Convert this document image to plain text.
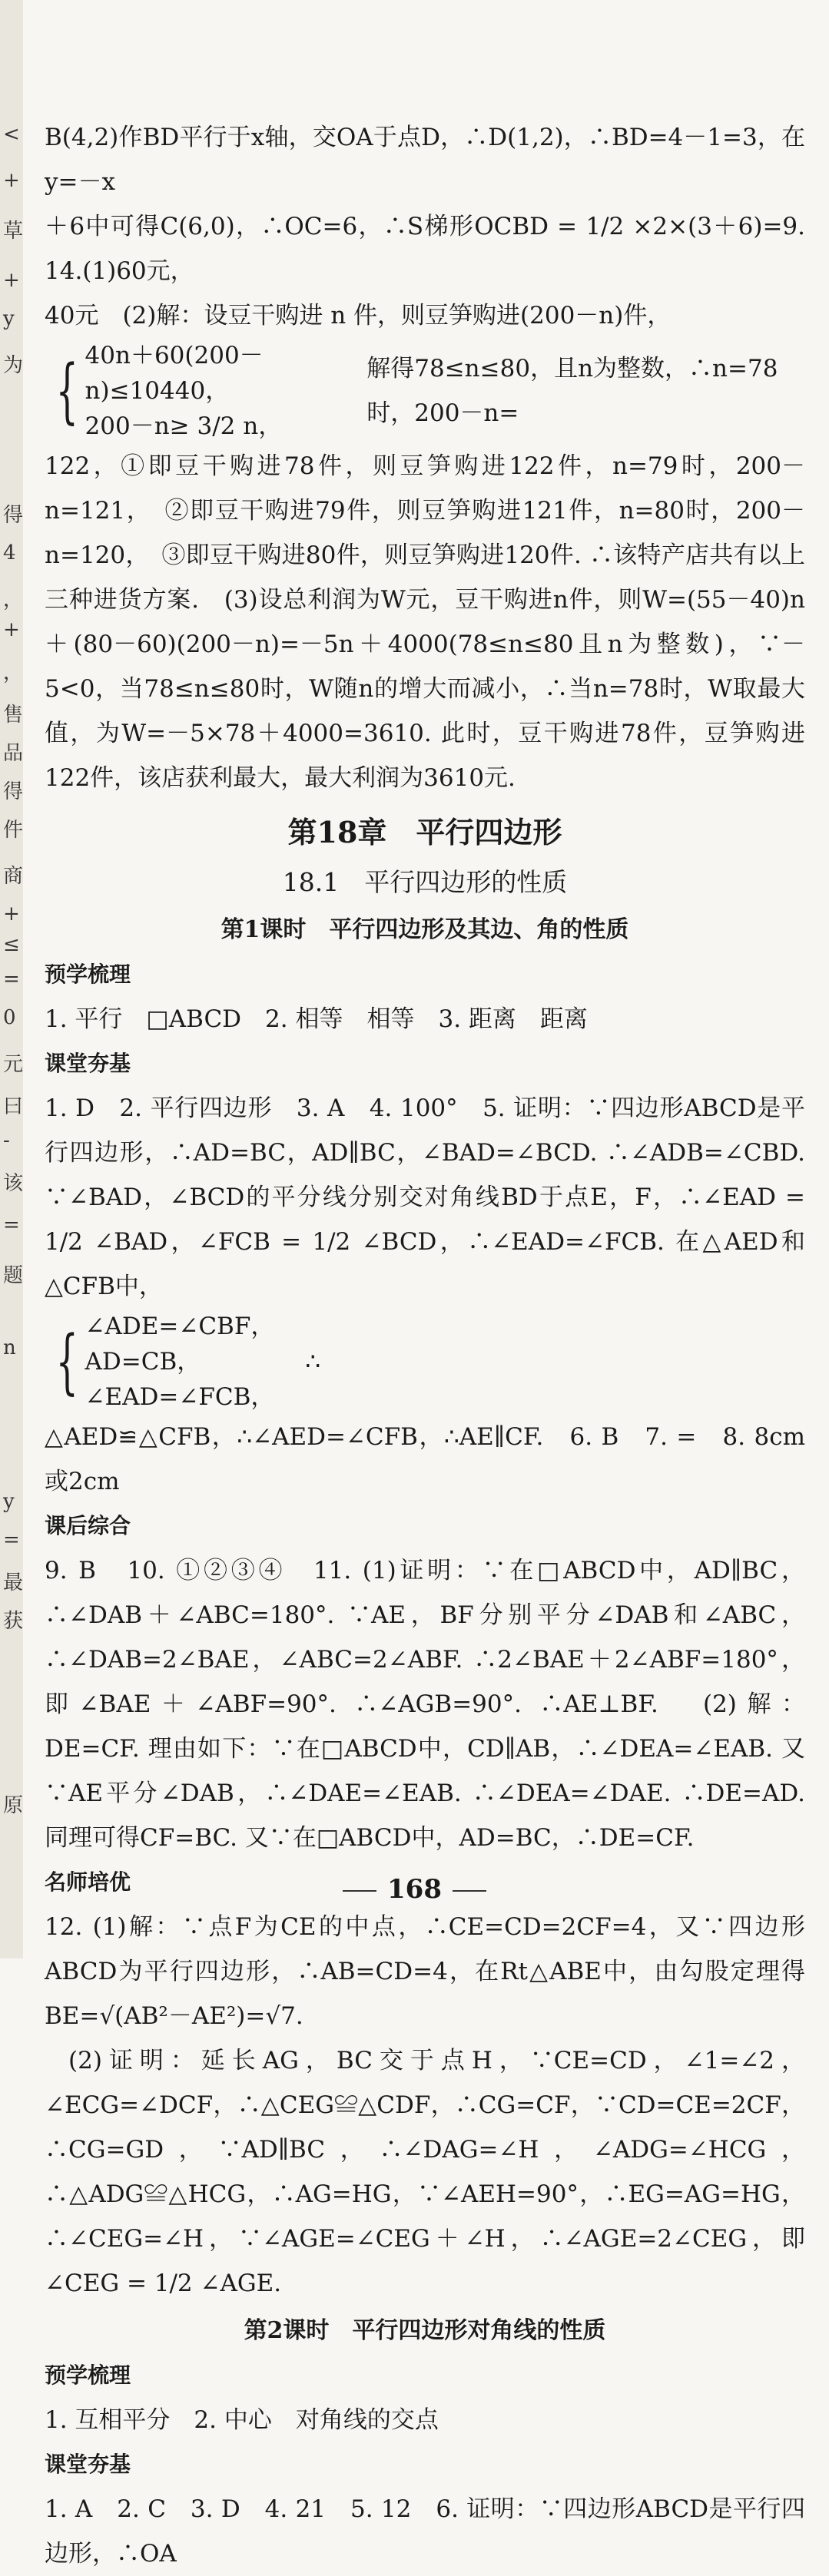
<
+
草
+
y
为
得
4
，
+
，
售
品
得
件
商
+
≤
=
0
元
曰
-
该
=
题
n
y
=
最
获
原

B(4,2)作BD平行于x轴，交OA于点D，∴D(1,2)，∴BD=4－1=3，在y=－x

＋6中可得C(6,0)，∴OC=6，∴S梯形OCBD = 1/2 ×2×(3＋6)=9.　14.(1)60元，

40元　(2)解：设豆干购进 n 件，则豆笋购进(200－n)件，

{ 40n＋60(200－n)≤10440，
200－n≥ 3/2 n，
解得78≤n≤80，且n为整数，∴n=78时，200－n=

122，①即豆干购进78件，则豆笋购进122件，n=79时，200－n=121，　②即豆干购进79件，则豆笋购进121件，n=80时，200－n=120，　③即豆干购进80件，则豆笋购进120件. ∴该特产店共有以上三种进货方案.　(3)设总利润为W元，豆干购进n件，则W=(55－40)n＋(80－60)(200－n)=－5n＋4000(78≤n≤80且n为整数)，∵－5<0，当78≤n≤80时，W随n的增大而减小，∴当n=78时，W取最大值，为W=－5×78＋4000=3610. 此时，豆干购进78件，豆笋购进122件，该店获利最大，最大利润为3610元.

第18章　平行四边形

18.1　平行四边形的性质

第1课时　平行四边形及其边、角的性质

预学梳理

1. 平行　□ABCD　2. 相等　相等　3. 距离　距离

课堂夯基

1. D　2. 平行四边形　3. A　4. 100°　5. 证明：∵四边形ABCD是平行四边形，∴AD=BC，AD∥BC，∠BAD=∠BCD. ∴∠ADB=∠CBD. ∵∠BAD，∠BCD的平分线分别交对角线BD于点E，F，∴∠EAD = 1/2 ∠BAD，∠FCB = 1/2 ∠BCD，∴∠EAD=∠FCB. 在△AED和△CFB中，

{ ∠ADE=∠CBF，
AD=CB，
∠EAD=∠FCB，
∴

△AED≌△CFB，∴∠AED=∠CFB，∴AE∥CF.　6. B　7. =　8. 8cm或2cm

课后综合

9. B　10. ①②③④　11. (1)证明：∵在□ABCD中，AD∥BC，∴∠DAB＋∠ABC=180°. ∵AE，BF分别平分∠DAB和∠ABC，∴∠DAB=2∠BAE，∠ABC=2∠ABF. ∴2∠BAE＋2∠ABF=180°，即∠BAE＋∠ABF=90°. ∴∠AGB=90°. ∴AE⊥BF.　(2)解：DE=CF. 理由如下：∵在□ABCD中，CD∥AB，∴∠DEA=∠EAB. 又∵AE平分∠DAB，∴∠DAE=∠EAB. ∴∠DEA=∠DAE. ∴DE=AD. 同理可得CF=BC. 又∵在□ABCD中，AD=BC，∴DE=CF.

名师培优

12. (1)解：∵点F为CE的中点，∴CE=CD=2CF=4，又∵四边形ABCD为平行四边形，∴AB=CD=4，在Rt△ABE中，由勾股定理得BE=√(AB²－AE²)=√7.

(2)证明：延长AG，BC交于点H，∵CE=CD，∠1=∠2，∠ECG=∠DCF，∴△CEG≌△CDF，∴CG=CF，∵CD=CE=2CF，∴CG=GD，∵AD∥BC，∴∠DAG=∠H，∠ADG=∠HCG，∴△ADG≌△HCG，∴AG=HG，∵∠AEH=90°，∴EG=AG=HG，∴∠CEG=∠H，∵∠AGE=∠CEG＋∠H，∴∠AGE=2∠CEG，即∠CEG = 1/2 ∠AGE.

第2课时　平行四边形对角线的性质

预学梳理

1. 互相平分　2. 中心　对角线的交点

课堂夯基

1. A　2. C　3. D　4. 21　5. 12　6. 证明：∵四边形ABCD是平行四边形，∴OA

168
